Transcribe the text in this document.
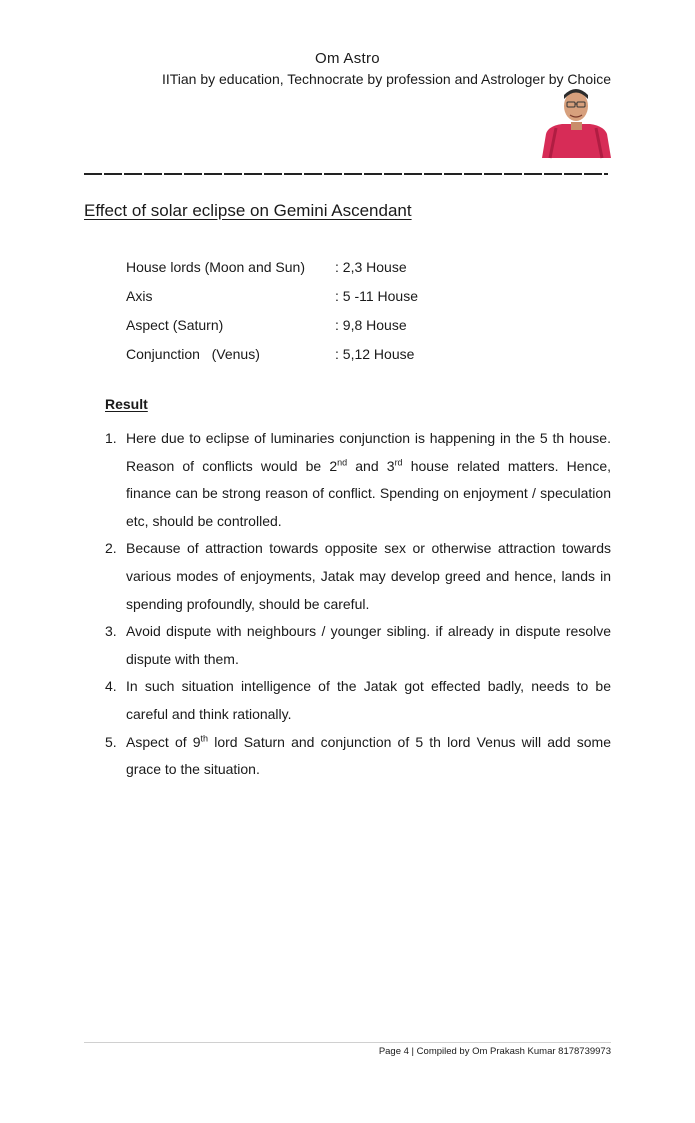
Om Astro
IITian by education, Technocrate by profession and Astrologer by Choice
Effect of solar eclipse on Gemini Ascendant
House lords (Moon and Sun) : 2,3 House
Axis	: 5 -11 House
Aspect (Saturn)	: 9,8 House
Conjunction   (Venus)	: 5,12 House
Result
1. Here due to eclipse of luminaries conjunction is happening in the 5 th house. Reason of conflicts would be 2nd and 3rd house related matters. Hence, finance can be strong reason of conflict. Spending on enjoyment / speculation etc, should be controlled.
2. Because of attraction towards opposite sex or otherwise attraction towards various modes of enjoyments, Jatak may develop greed and hence, lands in spending profoundly, should be careful.
3. Avoid dispute with neighbours / younger sibling. if already in dispute resolve dispute with them.
4. In such situation intelligence of the Jatak got effected badly, needs to be careful and think rationally.
5. Aspect of 9th lord Saturn and conjunction of 5 th lord Venus will add some grace to the situation.
Page 4 | Compiled by Om Prakash Kumar 8178739973
